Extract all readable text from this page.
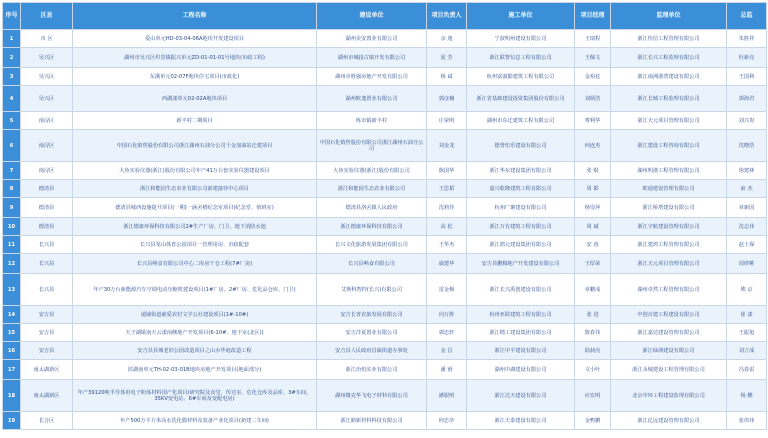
序号	区县	工程名称	建设单位	项目负责人	施工单位	项目经理	监理单位	总监
1	市 区	爱山单元HD-03-04-06A地块开发建设项目	湖州美安置业有限公司	余 逸	宁波明州建设有限公司	王瑞程	浙江恒信工程管理有限公司	朱胜祥
2	吴兴区	湖州市吴兴区织里镇振兴单元ZD-01-01-01号地块(市政工程)	湖州市城投古镇开发有限公司	夏 芳	浙江联智信息工程有限公司	王佩文	浙江长兴工程监理有限公司	杜新亮
3	吴兴区	东溪单元02-07F地块住宅项目(市政化)	湖州市胜强房地产开发有限公司	杨 斌	杭州富强勤建筑工程有限公司	金裕花	浙江南洲港湾建设有限公司	王国利
4	吴兴区	西湖漾单元02-02A地块项目	湖州欧逸置业有限公司	郭彦楠	浙江省基础建设投资集团股份有限公司	刘炳浩	浙江长城工程监理有限公司	郭海君
5	南浔区	新丰村二期项目	练市镇新丰村	庄荣明	湖州市东迁建筑工程有限公司	费利华	浙江天元项目管理有限公司	刘兴贵
6	南浔区	中国石化销售股份有限公司浙江湖州石油分公司千金加油站迁建项目	中国石化销售股份有限公司浙江湖州石油分公司	刘金龙	德誉恒乐建设有限公司	何连杰	浙江建设工程咨询有限公司	沈晓浩
7	南浔区	大鱼实验仪器(浙江)股份有限公司年产41万台套实验仪器建设项目	大鱼实验仪器(浙江)股份有限公司	陈国华	浙江华东建设集团有限公司	张 焜	湖州明港工程管理有限公司	徐建林
8	德清县	浙江和能园生态农业有限公司新建接待中心项目	浙江和能园生态农业有限公司	王思韬	嘉兴乾隆建筑工程有限公司	周 韬	欧通建设管理有限公司	俞 杰
9	德清县	德清县城西设施提升项目(一期)一涵舍褶纪念室项目(纪念堂、值班室)	德清县洛舍镇人民政府	沈莉佳	杭州广聚建设有限公司	杨崇萍	浙江桥塔建设有限公司	章新国
10	德清县	浙江德康环保科技有限公司2#生产厂房、门卫、地下消防水池	浙江德康环保科技有限公司	高 松	浙江万有建筑工程有限公司	周 斌	浙江宇航建设管理有限公司	沈志伟
11	长兴县	长兴县龙山体育公园项目一管理用房、市政配套	长兴文化旅游发展集团有限公司	王华杰	浙江鸿元建设集团有限公司	安 涛	浙江建鸿工程管理有限公司	赵士保
12	长兴县	长兴县畅食有限公司中心二库房干仓工程(7#厂房)	长兴县畅食有限公司	戚建华	安吉县鹏腾地产开发建设有限公司	王厚荣	浙江天元项目管理有限公司	周律桃
13	长兴县	年产30万台新能源汽车空调电动压缩机建设项目(1#厂房、2#厂房、危化品仓库、门卫)	艾斯科智控(长兴)有限公司	雷金梅	浙江长兴禹创建设有限公司	章鹏成	湖州卓然工程管理有限公司	殊 京
14	安吉县	递铺街道慈爱农村文学公社建设项目(1#-10#)	安吉长青农旅发展有限公司	向万胜	杭州亚联建筑工程有限公司	张 进	中创百建工程建设有限公司	崔 漾
15	安吉县	天子湖镇南天云漾南侧地产开发项目(6-10#、地下室(北区))	安吉洋夏置业有限公司	郭忠轩	浙江精工建设集团有限公司	陈春伟	浙江嘉达建设管理有限公司	王振旭
16	安吉县	安吉县县城老旧公园改造项目之山水华庭改造工程	安吉县人民政府昌硕街道办事处	金 昌	浙江中平建设有限公司	陆昶亮	浙江绿洲建设有限公司	刘立成
17	南太湖新区	滨湖南单元TH-02-03-01B地块房地产开发项目(地面部分)	浙江治恒实业有限公司	潘 滑	湖州中湖建设有限公司	文小叶	浙江永城建设工程管理有限公司	冯春雷
18	南太湖新区	年产39120吨半导体用电子粉体材料国产化项目(研究院及食堂、传达室、危化仓库及品库、3#车间、35KV变电站、6#车间及变配电房)	湖州微克华飞电子材料有限公司	潘银明	浙江达天建设有限公司	应宏明	北京中环工程建设监理有限公司	杨 鹏
19	长合区	年产500万平方米高水洗化膜材料及装备产业化项目(新建二车间)	浙江鼎新材料科技有限公司	何忠亭	浙江天泰建设有限公司	金鸭鹏	浙江亿远建设管理有限公司	张伟伟
